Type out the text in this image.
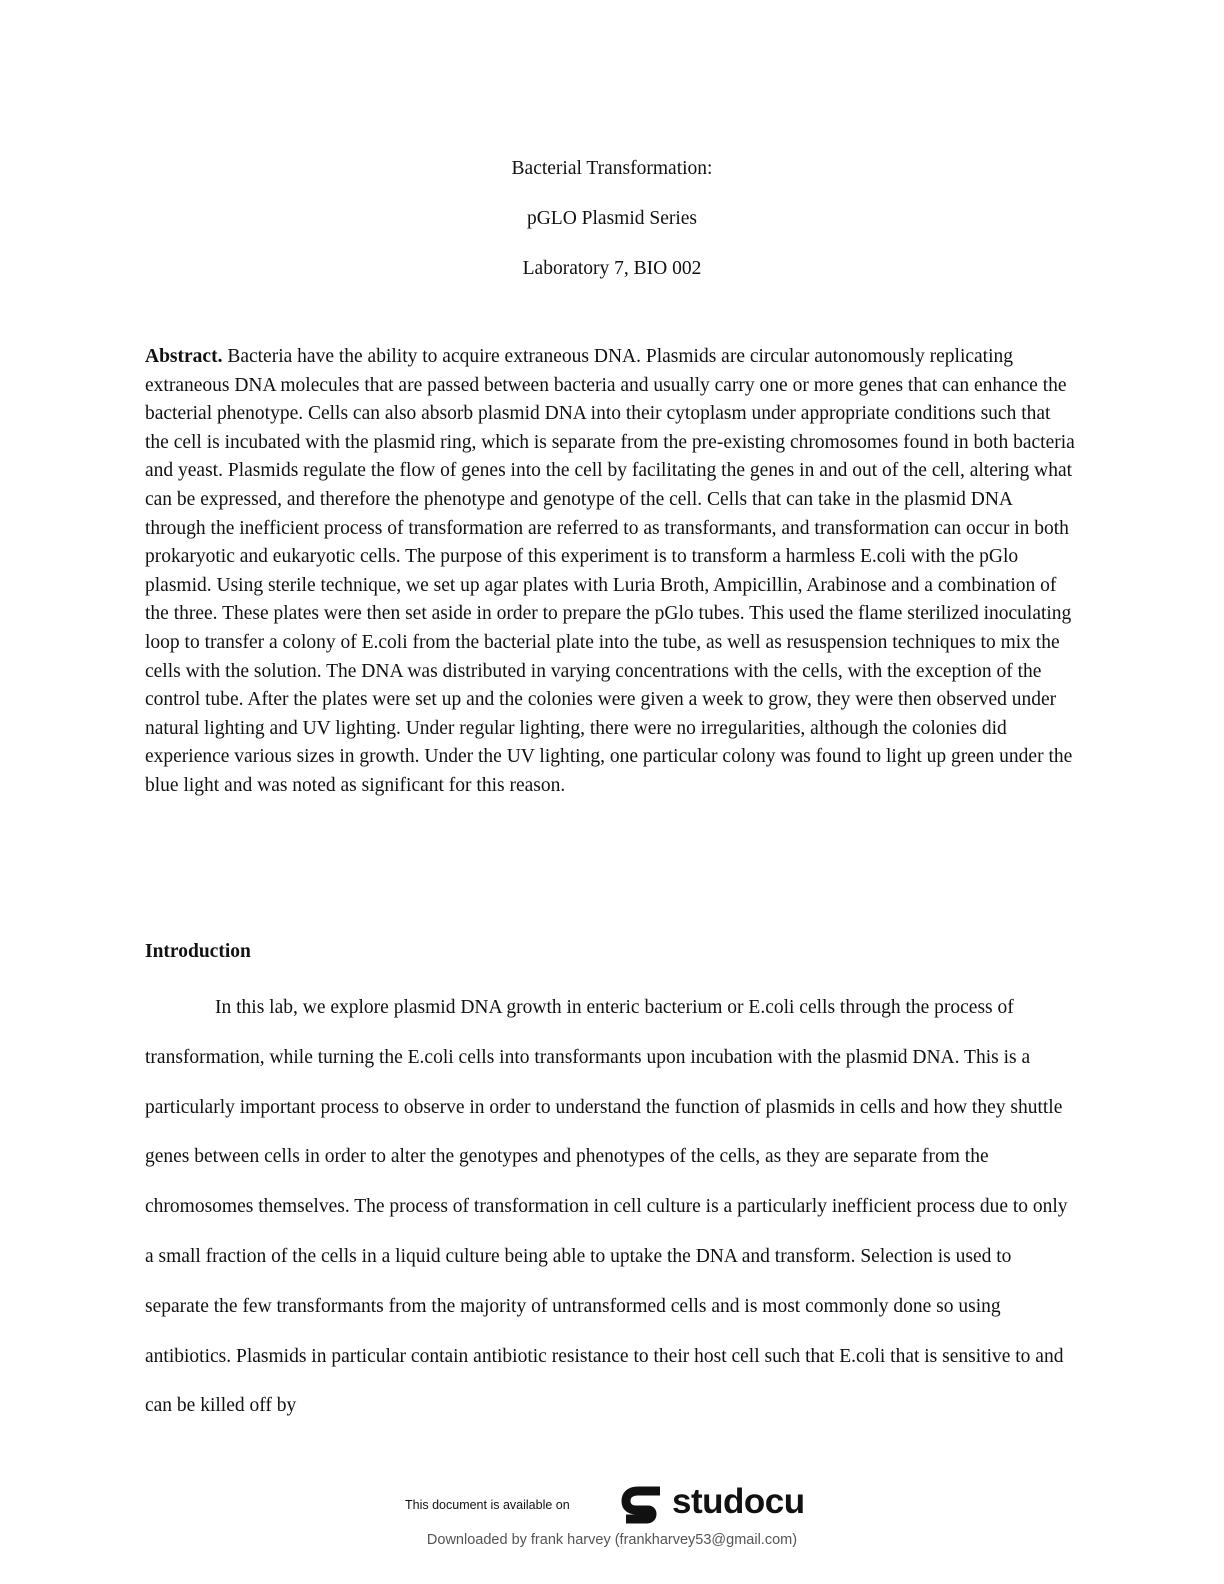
Bacterial Transformation:
pGLO Plasmid Series
Laboratory 7, BIO 002
Abstract. Bacteria have the ability to acquire extraneous DNA. Plasmids are circular autonomously replicating extraneous DNA molecules that are passed between bacteria and usually carry one or more genes that can enhance the bacterial phenotype. Cells can also absorb plasmid DNA into their cytoplasm under appropriate conditions such that the cell is incubated with the plasmid ring, which is separate from the pre-existing chromosomes found in both bacteria and yeast. Plasmids regulate the flow of genes into the cell by facilitating the genes in and out of the cell, altering what can be expressed, and therefore the phenotype and genotype of the cell. Cells that can take in the plasmid DNA through the inefficient process of transformation are referred to as transformants, and transformation can occur in both prokaryotic and eukaryotic cells. The purpose of this experiment is to transform a harmless E.coli with the pGlo plasmid. Using sterile technique, we set up agar plates with Luria Broth, Ampicillin, Arabinose and a combination of the three. These plates were then set aside in order to prepare the pGlo tubes. This used the flame sterilized inoculating loop to transfer a colony of E.coli from the bacterial plate into the tube, as well as resuspension techniques to mix the cells with the solution. The DNA was distributed in varying concentrations with the cells, with the exception of the control tube. After the plates were set up and the colonies were given a week to grow, they were then observed under natural lighting and UV lighting. Under regular lighting, there were no irregularities, although the colonies did experience various sizes in growth. Under the UV lighting, one particular colony was found to light up green under the blue light and was noted as significant for this reason.
Introduction
In this lab, we explore plasmid DNA growth in enteric bacterium or E.coli cells through the process of transformation, while turning the E.coli cells into transformants upon incubation with the plasmid DNA. This is a particularly important process to observe in order to understand the function of plasmids in cells and how they shuttle genes between cells in order to alter the genotypes and phenotypes of the cells, as they are separate from the chromosomes themselves. The process of transformation in cell culture is a particularly inefficient process due to only a small fraction of the cells in a liquid culture being able to uptake the DNA and transform. Selection is used to separate the few transformants from the majority of untransformed cells and is most commonly done so using antibiotics. Plasmids in particular contain antibiotic resistance to their host cell such that E.coli that is sensitive to and can be killed off by
This document is available on	studocu
Downloaded by frank harvey (frankharvey53@gmail.com)
